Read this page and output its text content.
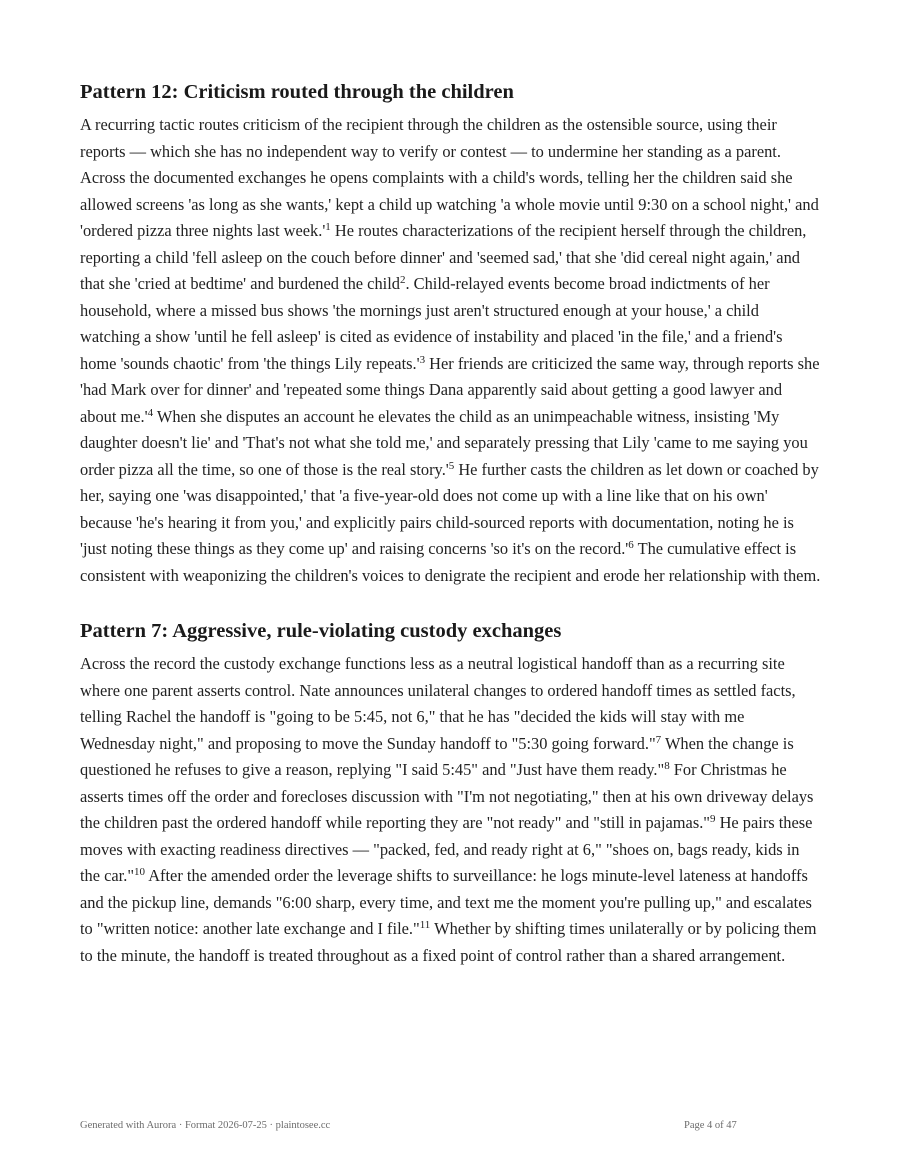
Pattern 12: Criticism routed through the children

A recurring tactic routes criticism of the recipient through the children as the ostensible source, using their reports — which she has no independent way to verify or contest — to undermine her standing as a parent. Across the documented exchanges he opens complaints with a child's words, telling her the children said she allowed screens 'as long as she wants,' kept a child up watching 'a whole movie until 9:30 on a school night,' and 'ordered pizza three nights last $week.'^1$ He routes characterizations of the recipient herself through the children, reporting a child 'fell asleep on the couch before dinner' and 'seemed sad,' that she 'did cereal night again,' and that she 'cried at bedtime' and burdened the child$^2$. Child-relayed events become broad indictments of her household, where a missed bus shows 'the mornings just aren't structured enough at your house,' a child watching a show 'until he fell asleep' is cited as evidence of instability and placed 'in the file,' and a friend's home 'sounds chaotic' from 'the things Lily $repeats.'^3$ Her friends are criticized the same way, through reports she 'had Mark over for dinner' and 'repeated some things Dana apparently said about getting a good lawyer and about $me.'^4$ When she disputes an account he elevates the child as an unimpeachable witness, insisting 'My daughter doesn't lie' and 'That's not what she told me,' and separately pressing that Lily 'came to me saying you order pizza all the time, so one of those is the real $story.'^5$ He further casts the children as let down or coached by her, saying one 'was disappointed,' that 'a five-year-old does not come up with a line like that on his own' because 'he's hearing it from you,' and explicitly pairs child-sourced reports with documentation, noting he is 'just noting these things as they come up' and raising concerns 'so it's on the $record.'^6$ The cumulative effect is consistent with weaponizing the children's voices to denigrate the recipient and erode her relationship with them.

Pattern 7: Aggressive, rule-violating custody exchanges

Across the record the custody exchange functions less as a neutral logistical handoff than as a recurring site where one parent asserts control. Nate announces unilateral changes to ordered handoff times as settled facts, telling Rachel the handoff is "going to be 5:45, not 6," that he has "decided the kids will stay with me Wednesday night," and proposing to move the Sunday handoff to "5:30 going forward."$^7$ When the change is questioned he refuses to give a reason, replying "I said 5:45" and "Just have them ready."$^8$ For Christmas he asserts times off the order and forecloses discussion with "I'm not negotiating," then at his own driveway delays the children past the ordered handoff while reporting they are "not ready" and "still in pajamas."$^9$ He pairs these moves with exacting readiness directives — "packed, fed, and ready right at 6," "shoes on, bags ready, kids in the car."$^{10}$ After the amended order the leverage shifts to surveillance: he logs minute-level lateness at handoffs and the pickup line, demands "6:00 sharp, every time, and text me the moment you're pulling up," and escalates to "written notice: another late exchange and I file."$^{11}$ Whether by shifting times unilaterally or by policing them to the minute, the handoff is treated throughout as a fixed point of control rather than a shared arrangement.

Generated with Aurora · Format 2026-07-25 · plaintosee.cc	Page 4 of 47
